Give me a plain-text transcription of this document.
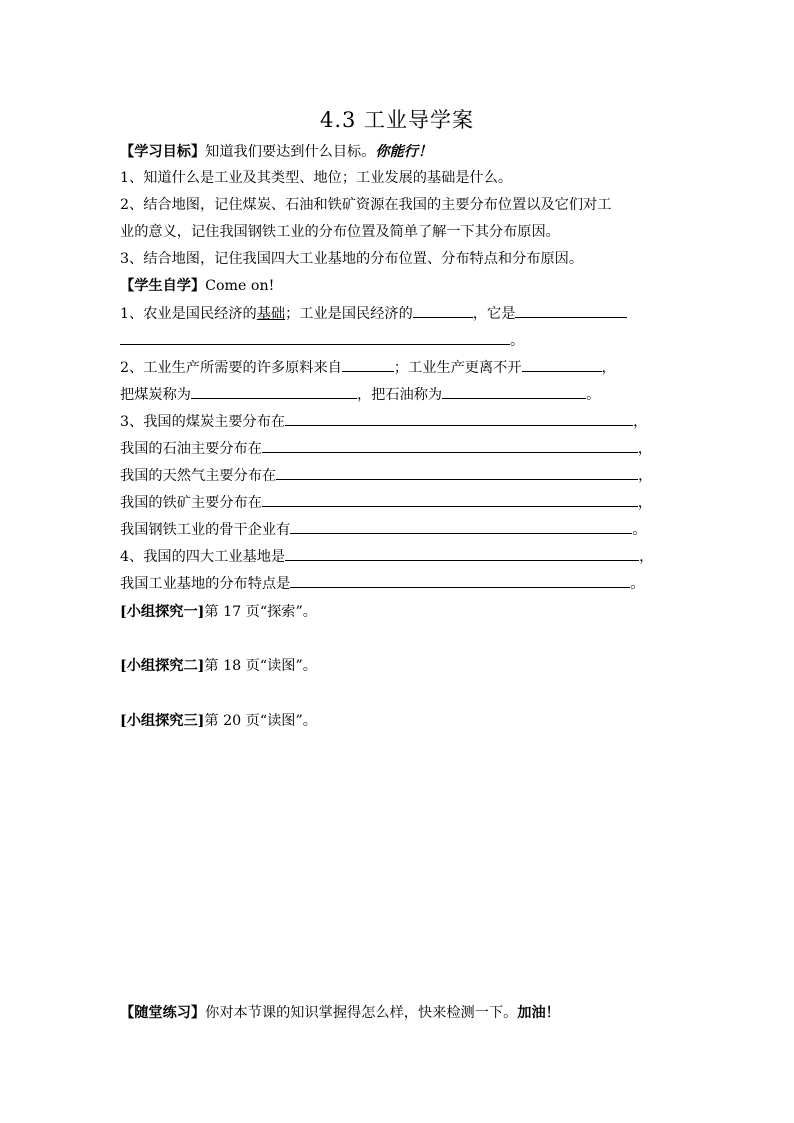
4.3 工业导学案
【学习目标】知道我们要达到什么目标。你能行！
1、知道什么是工业及其类型、地位；工业发展的基础是什么。
2、结合地图，记住煤炭、石油和铁矿资源在我国的主要分布位置以及它们对工
业的意义，记住我国钢铁工业的分布位置及简单了解一下其分布原因。
3、结合地图，记住我国四大工业基地的分布位置、分布特点和分布原因。
【学生自学】Come on!
1、农业是国民经济的基础；工业是国民经济的	，它是
。
2、工业生产所需要的许多原料来自	；工业生产更离不开	，
把煤炭称为	，把石油称为	。
3、我国的煤炭主要分布在	，
我国的石油主要分布在	，
我国的天然气主要分布在	，
我国的铁矿主要分布在	，
我国钢铁工业的骨干企业有	。
4、我国的四大工业基地是	，
我国工业基地的分布特点是	。
[小组探究一]第 17 页“探索”。
[小组探究二]第 18 页“读图”。
[小组探究三]第 20 页“读图”。
【随堂练习】你对本节课的知识掌握得怎么样，快来检测一下。加油！
